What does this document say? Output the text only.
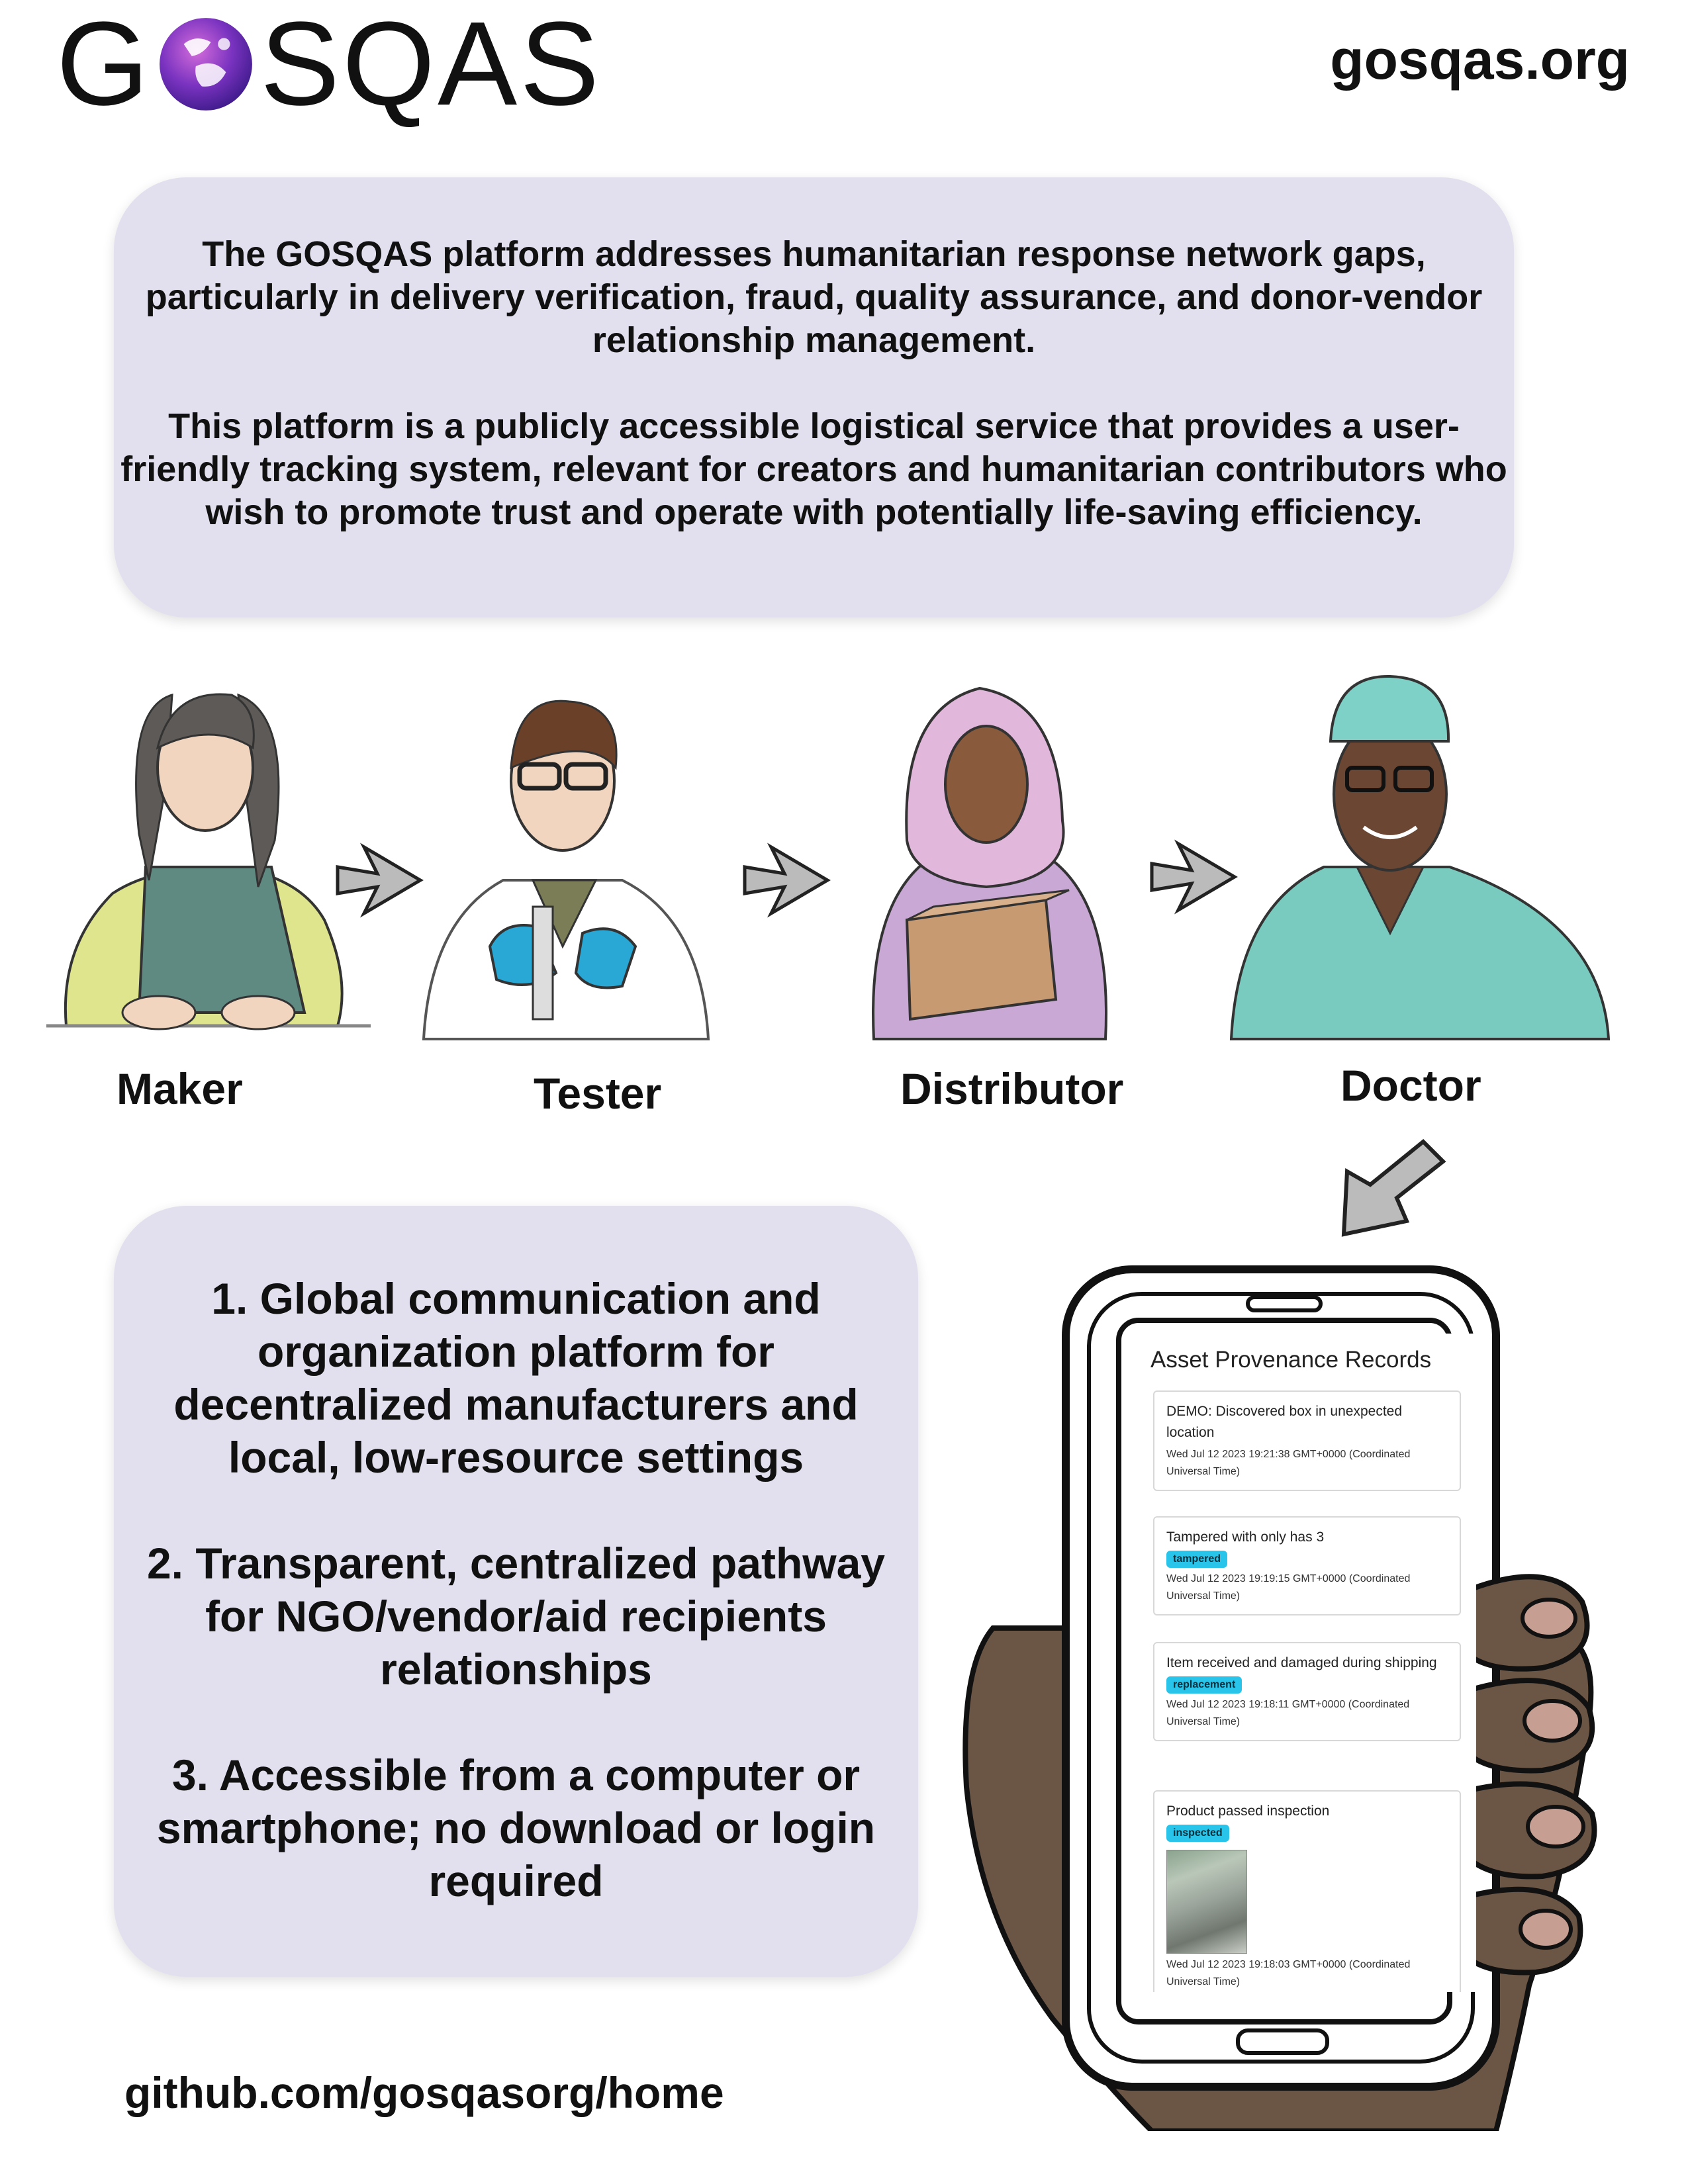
G SQAS	gosqas.org

The GOSQAS platform addresses humanitarian response network gaps, particularly in delivery verification, fraud, quality assurance, and donor-vendor relationship management.

This platform is a publicly accessible logistical service that provides a user-friendly tracking system, relevant for creators and humanitarian contributors who wish to promote trust and operate with potentially life-saving efficiency.

Maker	Tester	Distributor	Doctor

1. Global communication and organization platform for decentralized manufacturers and local, low-resource settings

2. Transparent, centralized pathway for NGO/vendor/aid recipients relationships

3. Accessible from a computer or smartphone; no download or login required

Asset Provenance Records
DEMO: Discovered box in unexpected location
Wed Jul 12 2023 19:21:38 GMT+0000 (Coordinated Universal Time)
Tampered with only has 3
tampered
Wed Jul 12 2023 19:19:15 GMT+0000 (Coordinated Universal Time)
Item received and damaged during shipping
replacement
Wed Jul 12 2023 19:18:11 GMT+0000 (Coordinated Universal Time)
Product passed inspection
inspected
Wed Jul 12 2023 19:18:03 GMT+0000 (Coordinated Universal Time)
github.com/gosqasorg/home
